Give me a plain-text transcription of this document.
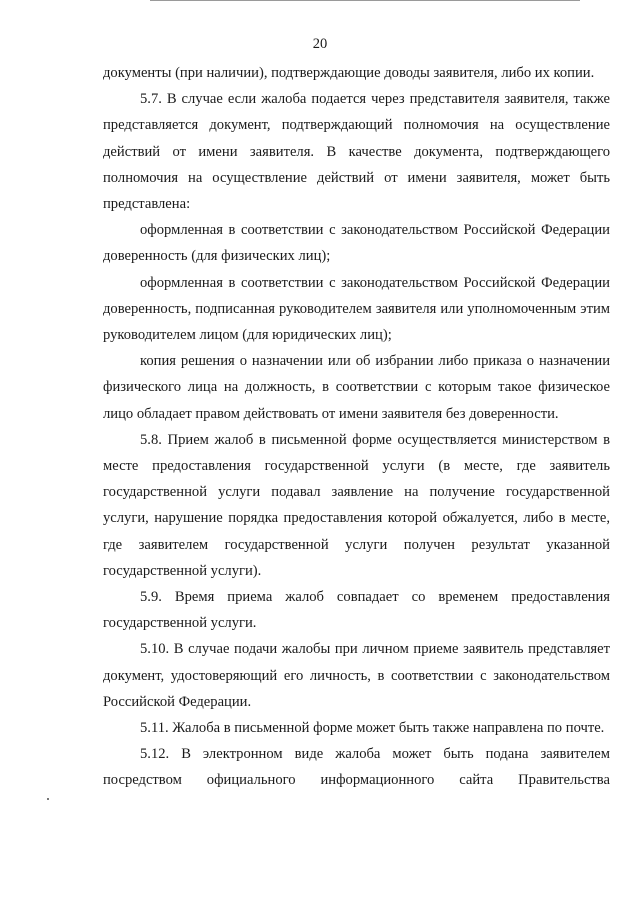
20

документы (при наличии), подтверждающие доводы заявителя, либо их копии.

5.7. В случае если жалоба подается через представителя заявителя, также представляется документ, подтверждающий полномочия на осуществление действий от имени заявителя. В качестве документа, подтверждающего полномочия на осуществление действий от имени заявителя, может быть представлена:

оформленная в соответствии с законодательством Российской Федерации доверенность (для физических лиц);

оформленная в соответствии с законодательством Российской Федерации доверенность, подписанная руководителем заявителя или уполномоченным этим руководителем лицом (для юридических лиц);

копия решения о назначении или об избрании либо приказа о назначении физического лица на должность, в соответствии с которым такое физическое лицо обладает правом действовать от имени заявителя без доверенности.

5.8. Прием жалоб в письменной форме осуществляется министерством в месте предоставления государственной услуги (в месте, где заявитель государственной услуги подавал заявление на получение государственной услуги, нарушение порядка предоставления которой обжалуется, либо в месте, где заявителем государственной услуги получен результат указанной государственной услуги).

5.9. Время приема жалоб совпадает со временем предоставления государственной услуги.

5.10. В случае подачи жалобы при личном приеме заявитель представляет документ, удостоверяющий его личность, в соответствии с законодательством Российской Федерации.

5.11. Жалоба в письменной форме может быть также направлена по почте.

5.12. В электронном виде жалоба может быть подана заявителем посредством официального информационного сайта Правительства
